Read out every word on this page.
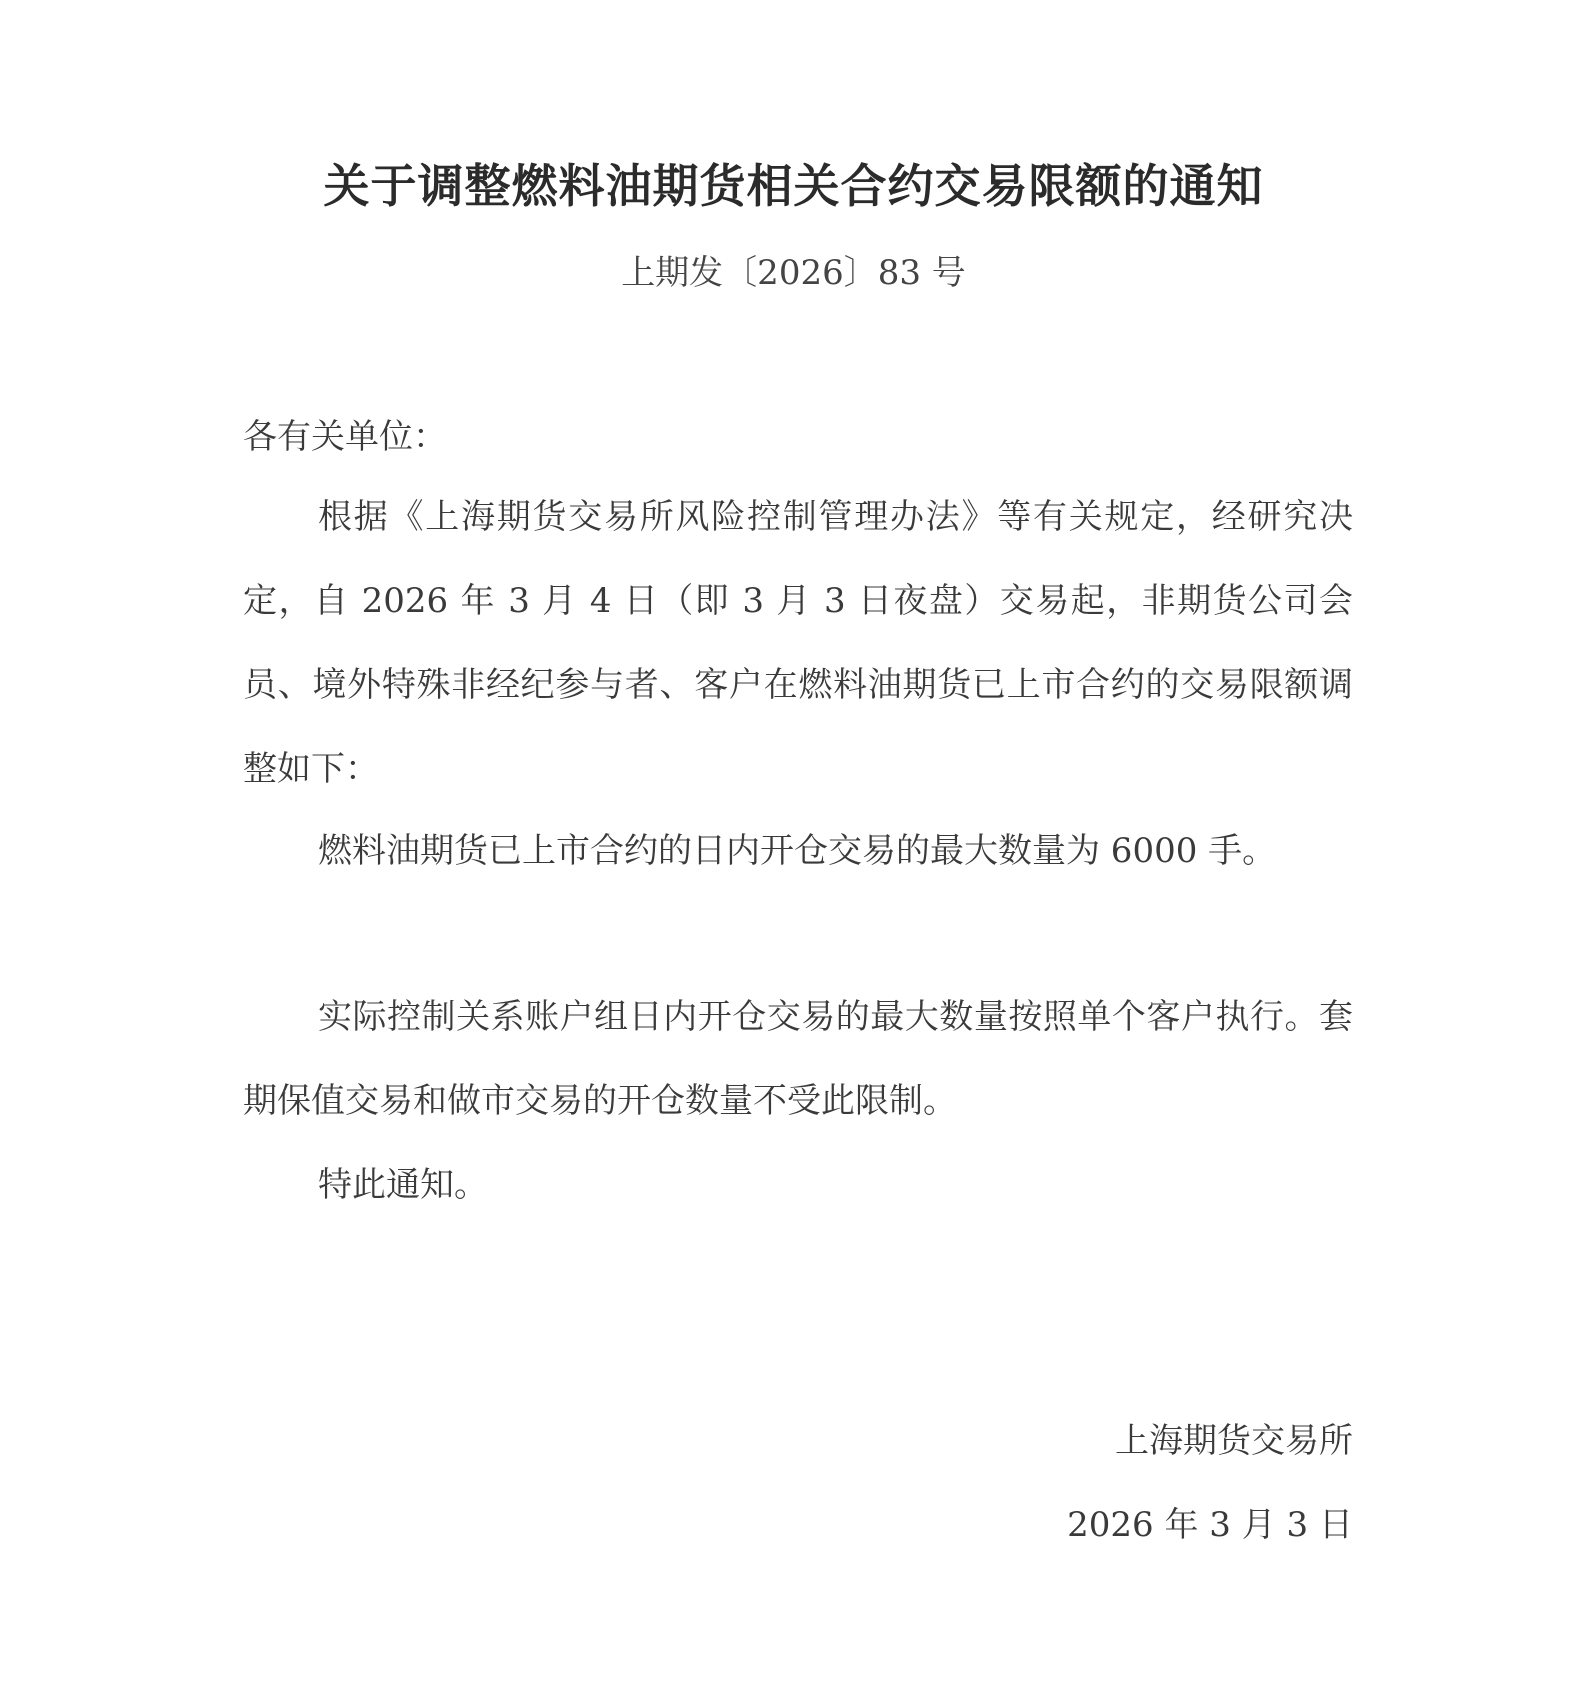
关于调整燃料油期货相关合约交易限额的通知
上期发〔2026〕83 号
各有关单位：
根据《上海期货交易所风险控制管理办法》等有关规定，经研究决定，自 2026 年 3 月 4 日（即 3 月 3 日夜盘）交易起，非期货公司会员、境外特殊非经纪参与者、客户在燃料油期货已上市合约的交易限额调整如下：
燃料油期货已上市合约的日内开仓交易的最大数量为 6000 手。
实际控制关系账户组日内开仓交易的最大数量按照单个客户执行。套期保值交易和做市交易的开仓数量不受此限制。
特此通知。
上海期货交易所
2026 年 3 月 3 日
